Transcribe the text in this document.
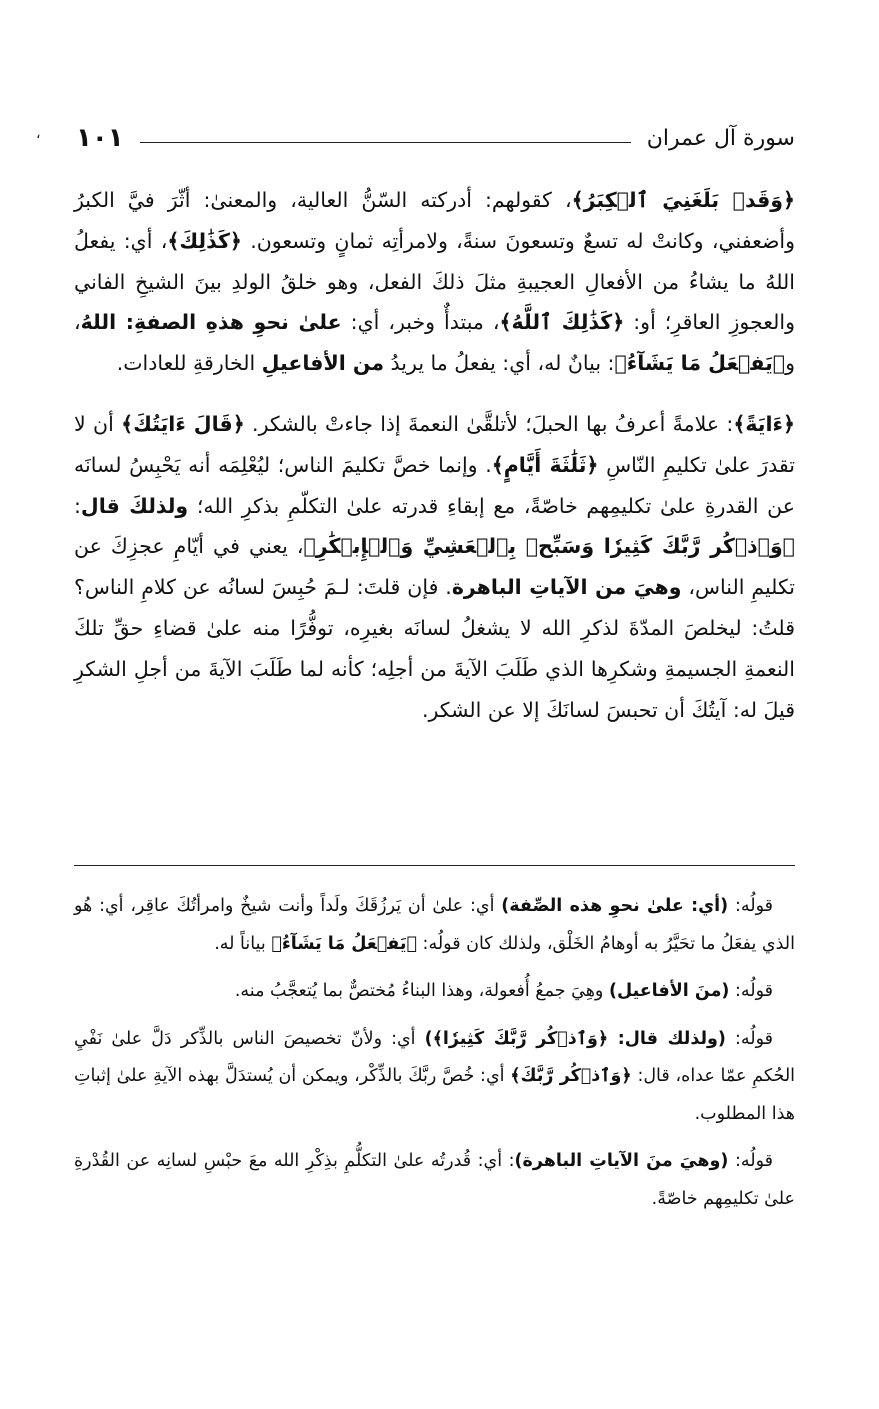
، ١٠١	سورة آل عمران

﴿وَقَدۡ بَلَغَنِيَ ٱلۡكِبَرُ﴾، كقولهم: أدركته السّنُّ العالية، والمعنىٰ: أثّرَ فيَّ الكبرُ وأضعفني، وكانتْ له تسعٌ وتسعونَ سنةً، ولامرأتِه ثمانٍ وتسعون. ﴿كَذَٰلِكَ﴾، أي: يفعلُ اللهُ ما يشاءُ من الأفعالِ العجيبةِ مثلَ ذلكَ الفعل، وهو خلقُ الولدِ بينَ الشيخِ الفاني والعجوزِ العاقرِ؛ أو: ﴿كَذَٰلِكَ ٱللَّهُ﴾، مبتدأٌ وخبر، أي: علىٰ نحوِ هذهِ الصفةِ: اللهُ، و﴿يَفۡعَلُ مَا يَشَآءُ﴾: بيانٌ له، أي: يفعلُ ما يريدُ من الأفاعيلِ الخارقةِ للعادات.

﴿ءَايَةً﴾: علامةً أعرفُ بها الحبلَ؛ لأتلقَّىٰ النعمةَ إذا جاءتْ بالشكر. ﴿قَالَ ءَايَتُكَ﴾ أن لا تقدرَ علىٰ تكليمِ النّاسِ ﴿ثَلَٰثَةَ أَيَّامٍ﴾. وإنما خصَّ تكليمَ الناس؛ ليُعْلِمَه أنه يَحْبِسُ لسانَه عن القدرةِ علىٰ تكليمِهم خاصّةً، مع إبقاءِ قدرته علىٰ التكلّمِ بذكرِ الله؛ ولذلكَ قال: ﴿وَٱذۡكُر رَّبَّكَ كَثِيرٗا وَسَبِّحۡ بِٱلۡعَشِيِّ وَٱلۡإِبۡكَٰرِ﴾، يعني في أيّامِ عجزِكَ عن تكليمِ الناس، وهيَ من الآياتِ الباهرة. فإن قلتَ: لـمَ حُبِسَ لسانُه عن كلامِ الناس؟ قلتُ: ليخلصَ المدّةَ لذكرِ الله لا يشغلُ لسانَه بغيرِه، توفُّرًا منه علىٰ قضاءِ حقِّ تلكَ النعمةِ الجسيمةِ وشكرِها الذي طَلَبَ الآيةَ من أجلِه؛ كأنه لما طَلَبَ الآيةَ من أجلِ الشكرِ قيلَ له: آيتُكَ أن تحبسَ لسانَكَ إلا عن الشكر.

قولُه: (أي: علىٰ نحوِ هذه الصِّفة) أي: علىٰ أن يَرزُقَكَ ولَداً وأنت شيخٌ وامرأتُكَ عاقِر، أي: هُو الذي يفعَلُ ما تحَيَّرُ به أوهامُ الخَلْق، ولذلك كان قولُه: ﴿يَفۡعَلُ مَا يَشَآءُ﴾ بياناً له.

قولُه: (منَ الأفاعيل) وهِيَ جمعُ أُفعولة، وهذا البناءُ مُختصٌّ بما يُتعجَّبُ منه.

قولُه: (ولذلك قال: ﴿وَٱذۡكُر رَّبَّكَ كَثِيرٗا﴾) أي: ولأنّ تخصيصَ الناس بالذِّكر دَلَّ علىٰ نَفْيِ الحُكمِ عمّا عداه، قال: ﴿وَٱذۡكُر رَّبَّكَ﴾ أي: خُصَّ ربَّكَ بالذِّكْر، ويمكن أن يُستدَلَّ بهذه الآيةِ علىٰ إثباتِ هذا المطلوب.

قولُه: (وهيَ منَ الآياتِ الباهرة): أي: قُدرتُه علىٰ التكلُّمِ بذِكْرِ الله معَ حبْسِ لسانِه عن القُدْرةِ علىٰ تكليمِهم خاصّةً.
